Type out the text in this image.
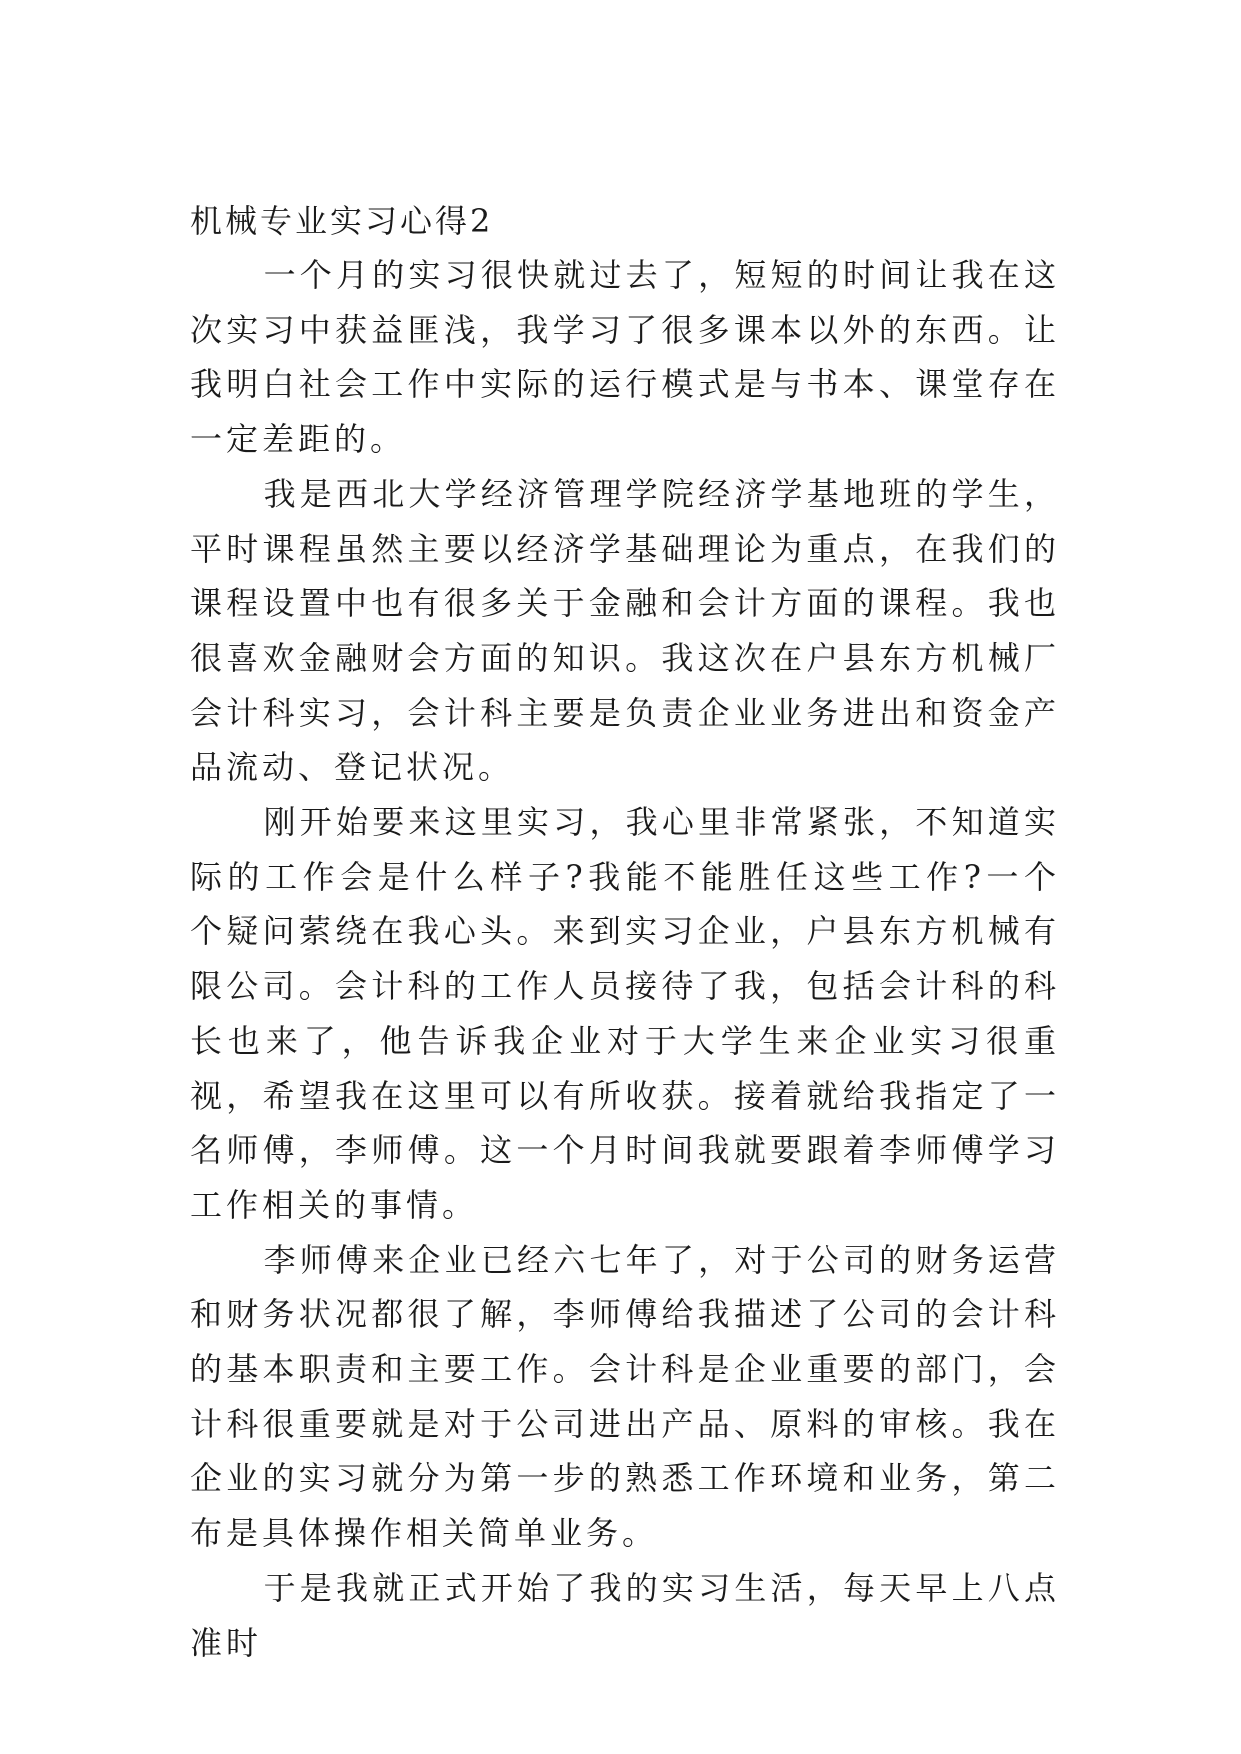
机械专业实习心得2

一个月的实习很快就过去了，短短的时间让我在这次实习中获益匪浅，我学习了很多课本以外的东西。让我明白社会工作中实际的运行模式是与书本、课堂存在一定差距的。

我是西北大学经济管理学院经济学基地班的学生，平时课程虽然主要以经济学基础理论为重点，在我们的课程设置中也有很多关于金融和会计方面的课程。我也很喜欢金融财会方面的知识。我这次在户县东方机械厂会计科实习，会计科主要是负责企业业务进出和资金产品流动、登记状况。

刚开始要来这里实习，我心里非常紧张，不知道实际的工作会是什么样子?我能不能胜任这些工作?一个个疑问萦绕在我心头。来到实习企业，户县东方机械有限公司。会计科的工作人员接待了我，包括会计科的科长也来了，他告诉我企业对于大学生来企业实习很重视，希望我在这里可以有所收获。接着就给我指定了一名师傅，李师傅。这一个月时间我就要跟着李师傅学习工作相关的事情。

李师傅来企业已经六七年了，对于公司的财务运营和财务状况都很了解，李师傅给我描述了公司的会计科的基本职责和主要工作。会计科是企业重要的部门，会计科很重要就是对于公司进出产品、原料的审核。我在企业的实习就分为第一步的熟悉工作环境和业务，第二布是具体操作相关简单业务。

于是我就正式开始了我的实习生活，每天早上八点准时
